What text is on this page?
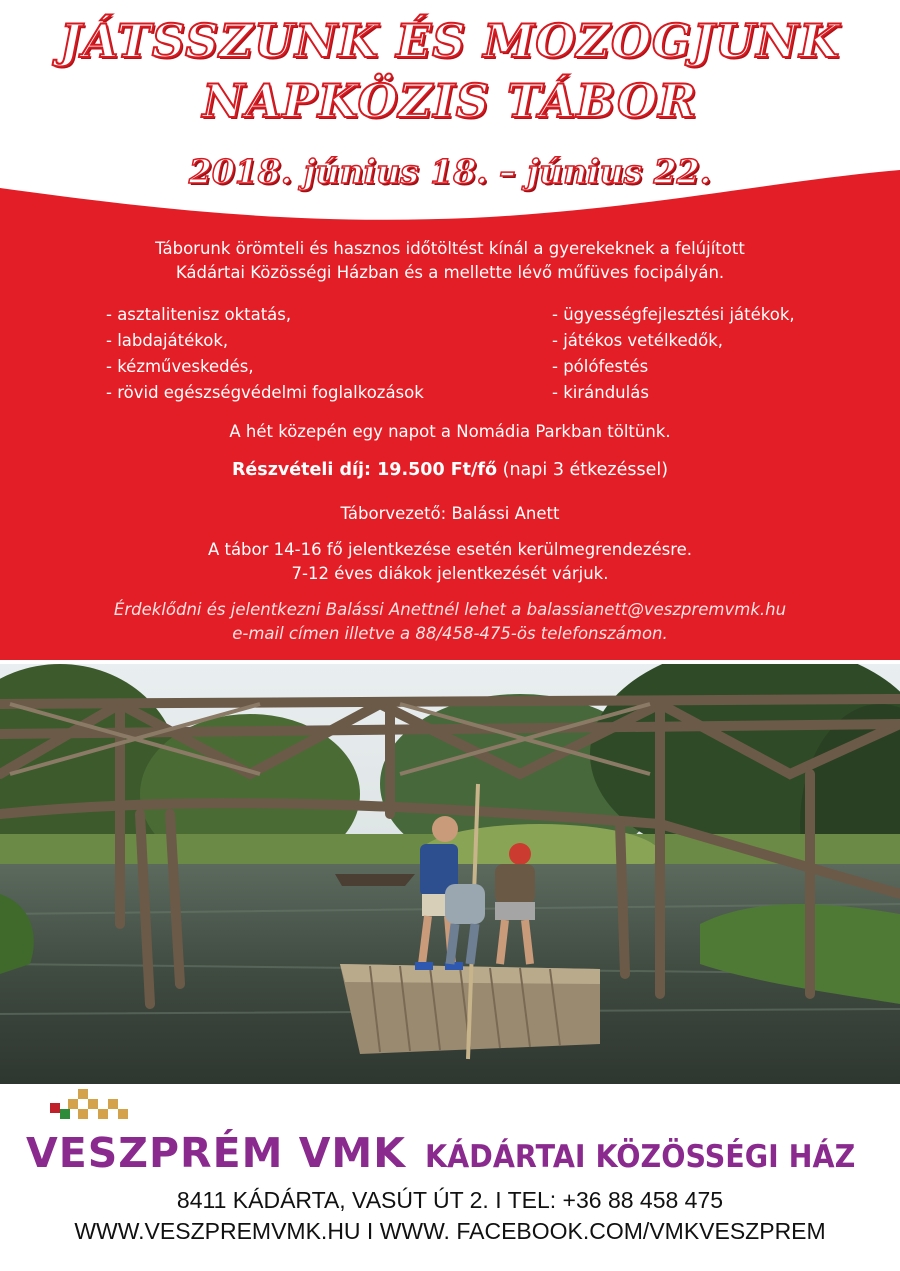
JÁTSSZUNK ÉS MOZOGJUNK
NAPKÖZIS TÁBOR
2018. június 18. – június 22.
Táborunk örömteli és hasznos időtöltést kínál a gyerekeknek a felújított
Kádártai Közösségi Házban és a mellette lévő műfüves focipályán.
- asztalitenisz oktatás,
- labdajátékok,
- kézműveskedés,
- rövid egészségvédelmi foglalkozások
- ügyességfejlesztési játékok,
- játékos vetélkedők,
- pólófestés
- kirándulás
A hét közepén egy napot a Nomádia Parkban töltünk.
Részvételi díj: 19.500 Ft/fő (napi 3 étkezéssel)
Táborvezető: Balássi Anett
A tábor 14-16 fő jelentkezése esetén kerülmegrendezésre.
7-12 éves diákok jelentkezését várjuk.
Érdeklődni és jelentkezni Balássi Anettnél lehet a balassianett@veszpremvmk.hu
e-mail címen illetve a 88/458-475-ös telefonszámon.
VESZPRÉM VMK KÁDÁRTAI KÖZÖSSÉGI HÁZ
8411 KÁDÁRTA, VASÚT ÚT 2. I TEL: +36 88 458 475
WWW.VESZPREMVMK.HU I WWW. FACEBOOK.COM/VMKVESZPREM
